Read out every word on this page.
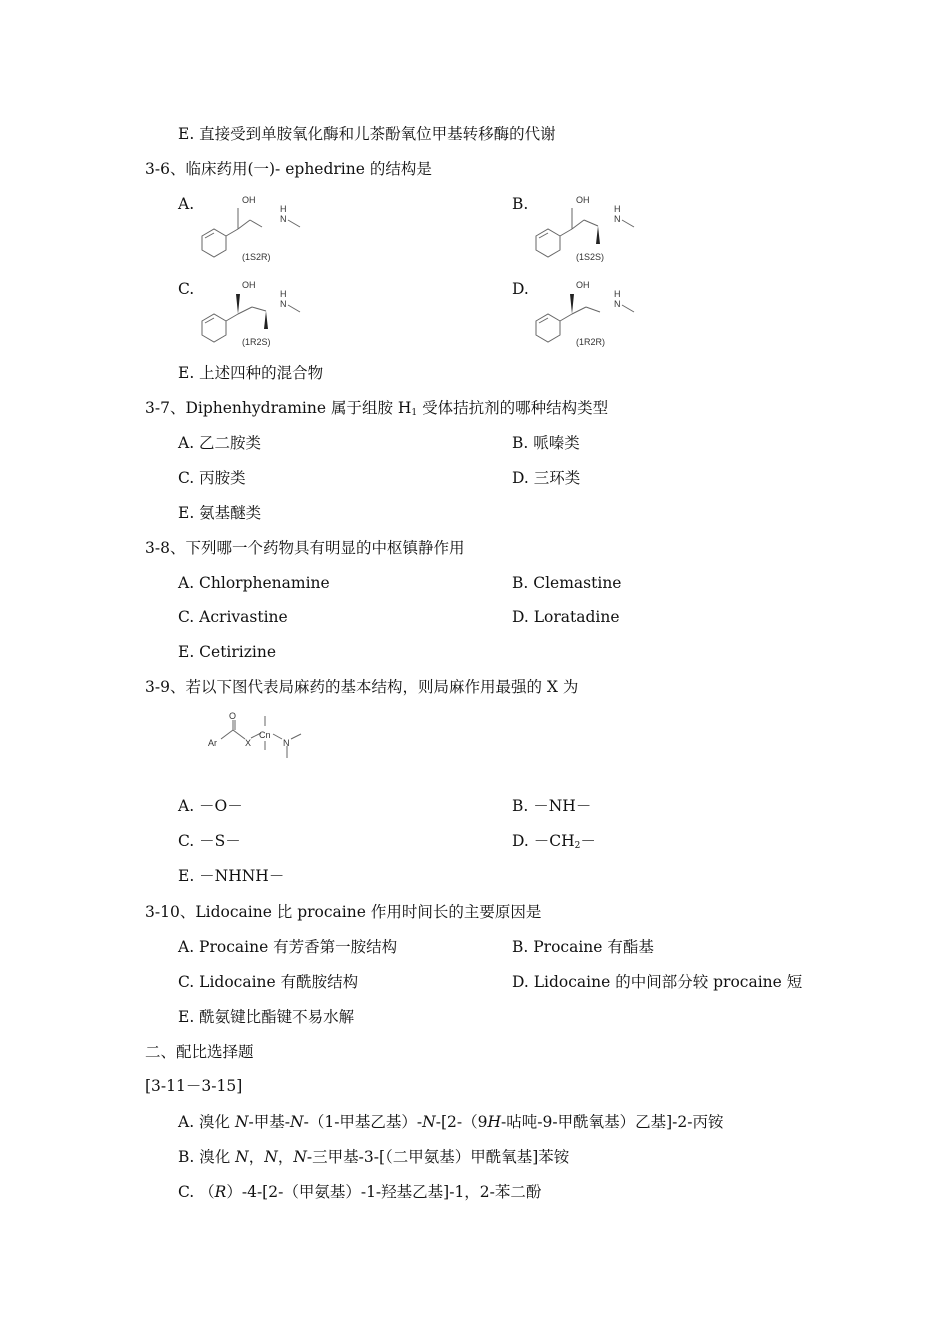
E. 直接受到单胺氧化酶和儿茶酚氧位甲基转移酶的代谢
3-6、临床药用(一)- ephedrine 的结构是
A.	OH
H
N
(1S2R)
B.	OH
H
N
(1S2S)
C.	OH
H
N
(1R2S)
D.	OH
H
N
(1R2R)
E. 上述四种的混合物
3-7、Diphenhydramine 属于组胺 $H_1$ 受体拮抗剂的哪种结构类型
A. 乙二胺类	B. 哌嗪类
C. 丙胺类	D. 三环类
E. 氨基醚类
3-8、下列哪一个药物具有明显的中枢镇静作用
A. Chlorphenamine	B. Clemastine
C. Acrivastine	D. Loratadine
E. Cetirizine
3-9、若以下图代表局麻药的基本结构，则局麻作用最强的 X 为
O
Ar	X
Cn
N
A. －O－	B. －NH－
C. －S－	D. $-CH_2-$
E. －NHNH－
3-10、Lidocaine 比 procaine 作用时间长的主要原因是
A. Procaine 有芳香第一胺结构	B. Procaine 有酯基
C. Lidocaine 有酰胺结构	D. Lidocaine 的中间部分较 procaine 短
E. 酰氨键比酯键不易水解
二、配比选择题
[3-11－3-15]
A. 溴化 N-甲基-N-（1-甲基乙基）-N-[2-（9H-呫吨-9-甲酰氧基）乙基]-2-丙铵
B. 溴化 N，N，N-三甲基-3-[（二甲氨基）甲酰氧基]苯铵
C. （R）-4-[2-（甲氨基）-1-羟基乙基]-1，2-苯二酚
